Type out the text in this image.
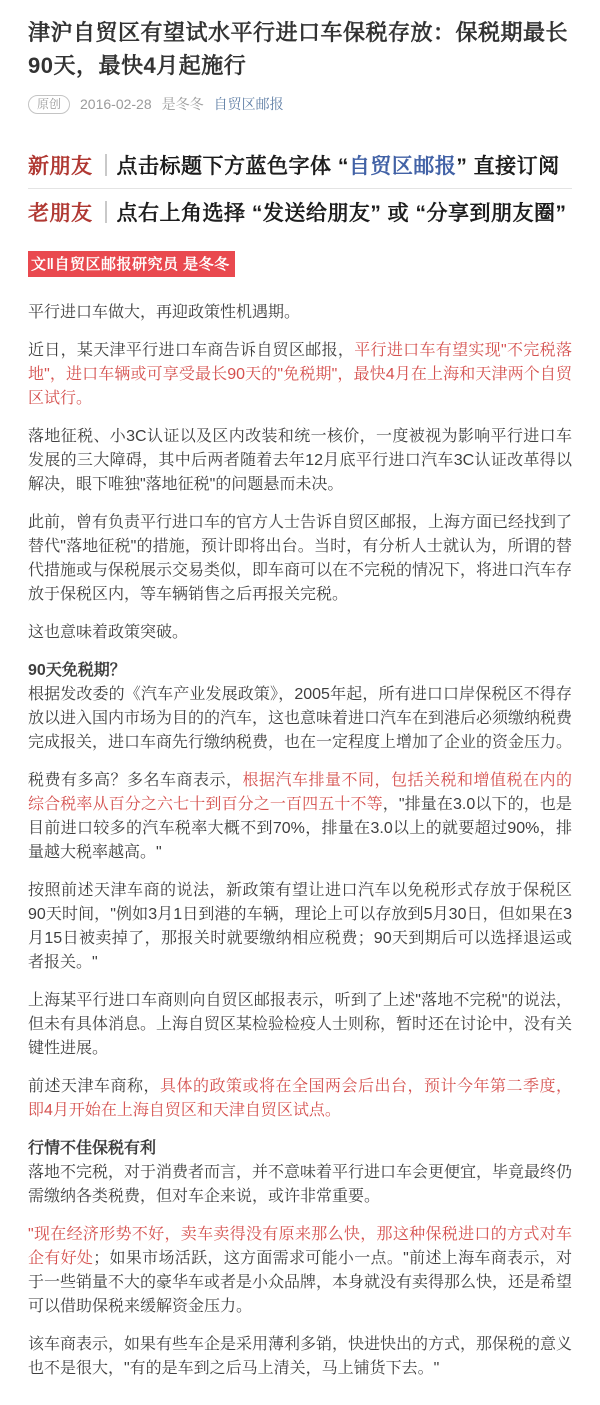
津沪自贸区有望试水平行进口车保税存放：保税期最长90天，最快4月起施行
原创	2016-02-28 是冬冬 自贸区邮报
新朋友 点击标题下方蓝色字体 “自贸区邮报” 直接订阅
老朋友 点右上角选择 “发送给朋友” 或 “分享到朋友圈”
文‖自贸区邮报研究员 是冬冬

平行进口车做大，再迎政策性机遇期。

近日，某天津平行进口车商告诉自贸区邮报，平行进口车有望实现"不完税落地"，进口车辆或可享受最长90天的"免税期"，最快4月在上海和天津两个自贸区试行。

落地征税、小3C认证以及区内改装和统一核价，一度被视为影响平行进口车发展的三大障碍，其中后两者随着去年12月底平行进口汽车3C认证改革得以解决，眼下唯独"落地征税"的问题悬而未决。

此前，曾有负责平行进口车的官方人士告诉自贸区邮报，上海方面已经找到了替代"落地征税"的措施，预计即将出台。当时，有分析人士就认为，所谓的替代措施或与保税展示交易类似，即车商可以在不完税的情况下，将进口汽车存放于保税区内，等车辆销售之后再报关完税。

这也意味着政策突破。

90天免税期？

根据发改委的《汽车产业发展政策》，2005年起，所有进口口岸保税区不得存放以进入国内市场为目的的汽车，这也意味着进口汽车在到港后必须缴纳税费完成报关，进口车商先行缴纳税费，也在一定程度上增加了企业的资金压力。

税费有多高？多名车商表示，根据汽车排量不同，包括关税和增值税在内的综合税率从百分之六七十到百分之一百四五十不等，"排量在3.0以下的，也是目前进口较多的汽车税率大概不到70%，排量在3.0以上的就要超过90%，排量越大税率越高。"

按照前述天津车商的说法，新政策有望让进口汽车以免税形式存放于保税区90天时间，"例如3月1日到港的车辆，理论上可以存放到5月30日，但如果在3月15日被卖掉了，那报关时就要缴纳相应税费；90天到期后可以选择退运或者报关。"

上海某平行进口车商则向自贸区邮报表示，听到了上述"落地不完税"的说法，但未有具体消息。上海自贸区某检验检疫人士则称，暂时还在讨论中，没有关键性进展。

前述天津车商称，具体的政策或将在全国两会后出台，预计今年第二季度，即4月开始在上海自贸区和天津自贸区试点。

行情不佳保税有利

落地不完税，对于消费者而言，并不意味着平行进口车会更便宜，毕竟最终仍需缴纳各类税费，但对车企来说，或许非常重要。

"现在经济形势不好，卖车卖得没有原来那么快，那这种保税进口的方式对车企有好处；如果市场活跃，这方面需求可能小一点。"前述上海车商表示，对于一些销量不大的豪华车或者是小众品牌，本身就没有卖得那么快，还是希望可以借助保税来缓解资金压力。

该车商表示，如果有些车企是采用薄利多销，快进快出的方式，那保税的意义也不是很大，"有的是车到之后马上清关，马上铺货下去。"
